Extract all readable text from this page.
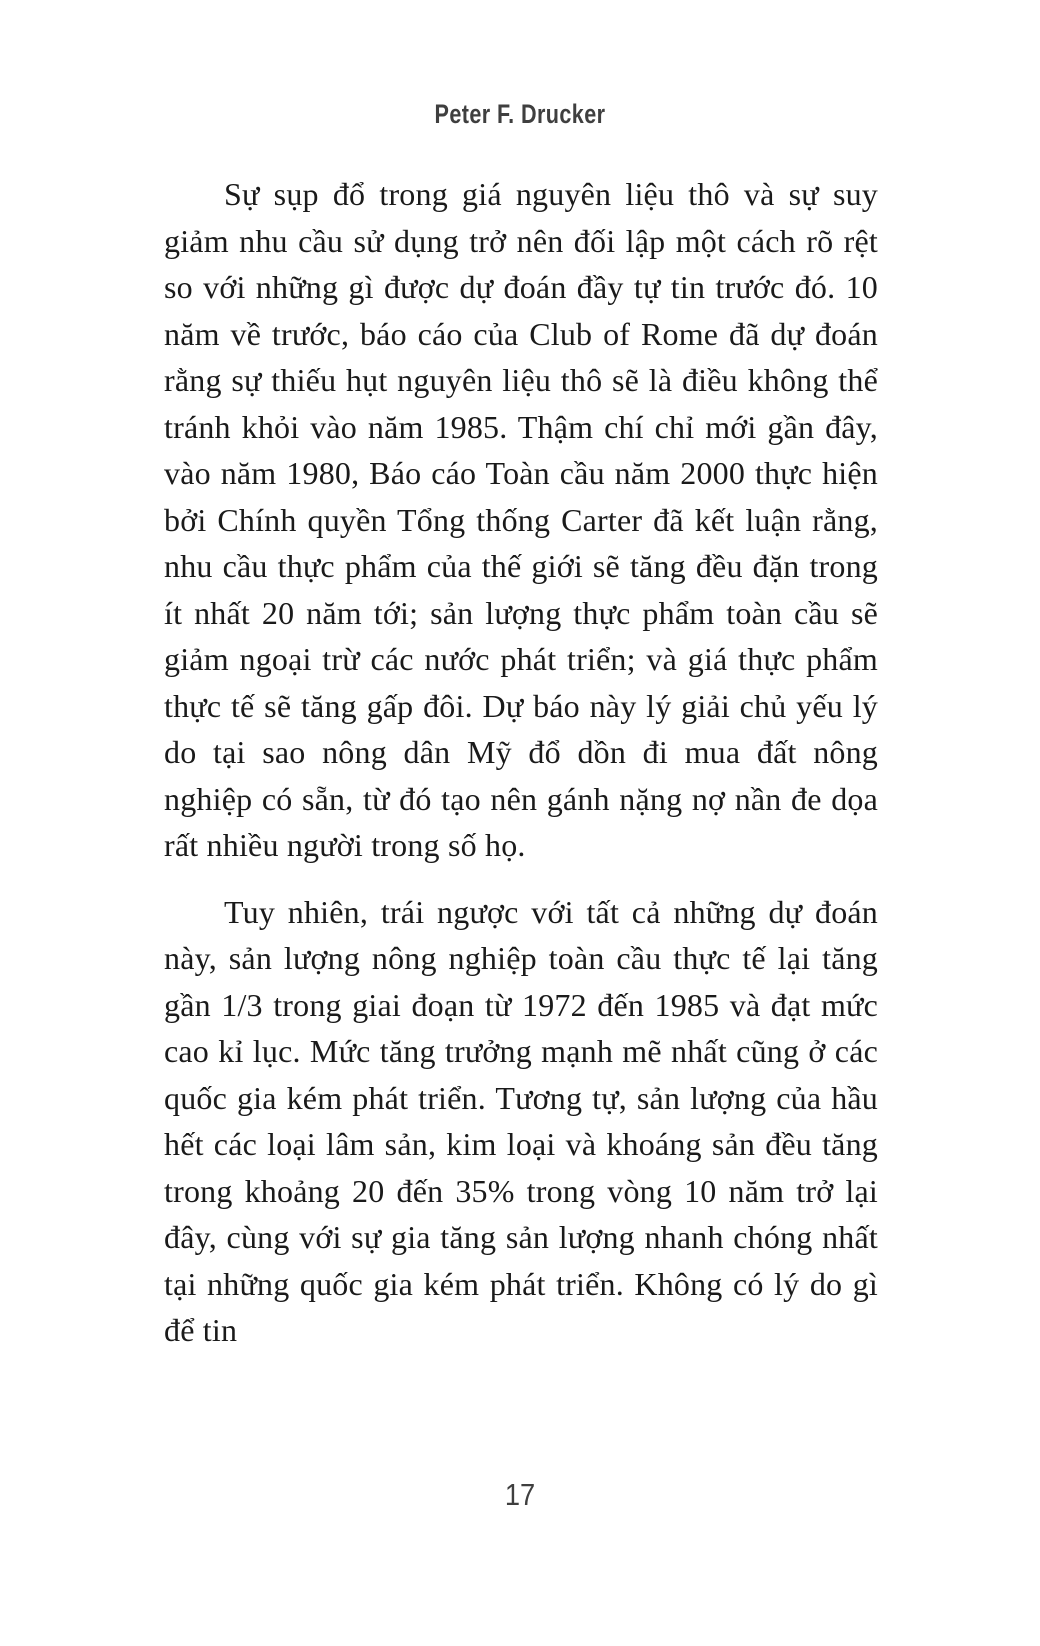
Peter F. Drucker

Sự sụp đổ trong giá nguyên liệu thô và sự suy giảm nhu cầu sử dụng trở nên đối lập một cách rõ rệt so với những gì được dự đoán đầy tự tin trước đó. 10 năm về trước, báo cáo của Club of Rome đã dự đoán rằng sự thiếu hụt nguyên liệu thô sẽ là điều không thể tránh khỏi vào năm 1985. Thậm chí chỉ mới gần đây, vào năm 1980, Báo cáo Toàn cầu năm 2000 thực hiện bởi Chính quyền Tổng thống Carter đã kết luận rằng, nhu cầu thực phẩm của thế giới sẽ tăng đều đặn trong ít nhất 20 năm tới; sản lượng thực phẩm toàn cầu sẽ giảm ngoại trừ các nước phát triển; và giá thực phẩm thực tế sẽ tăng gấp đôi. Dự báo này lý giải chủ yếu lý do tại sao nông dân Mỹ đổ dồn đi mua đất nông nghiệp có sẵn, từ đó tạo nên gánh nặng nợ nần đe dọa rất nhiều người trong số họ.

Tuy nhiên, trái ngược với tất cả những dự đoán này, sản lượng nông nghiệp toàn cầu thực tế lại tăng gần 1/3 trong giai đoạn từ 1972 đến 1985 và đạt mức cao kỉ lục. Mức tăng trưởng mạnh mẽ nhất cũng ở các quốc gia kém phát triển. Tương tự, sản lượng của hầu hết các loại lâm sản, kim loại và khoáng sản đều tăng trong khoảng 20 đến 35% trong vòng 10 năm trở lại đây, cùng với sự gia tăng sản lượng nhanh chóng nhất tại những quốc gia kém phát triển. Không có lý do gì để tin

17
